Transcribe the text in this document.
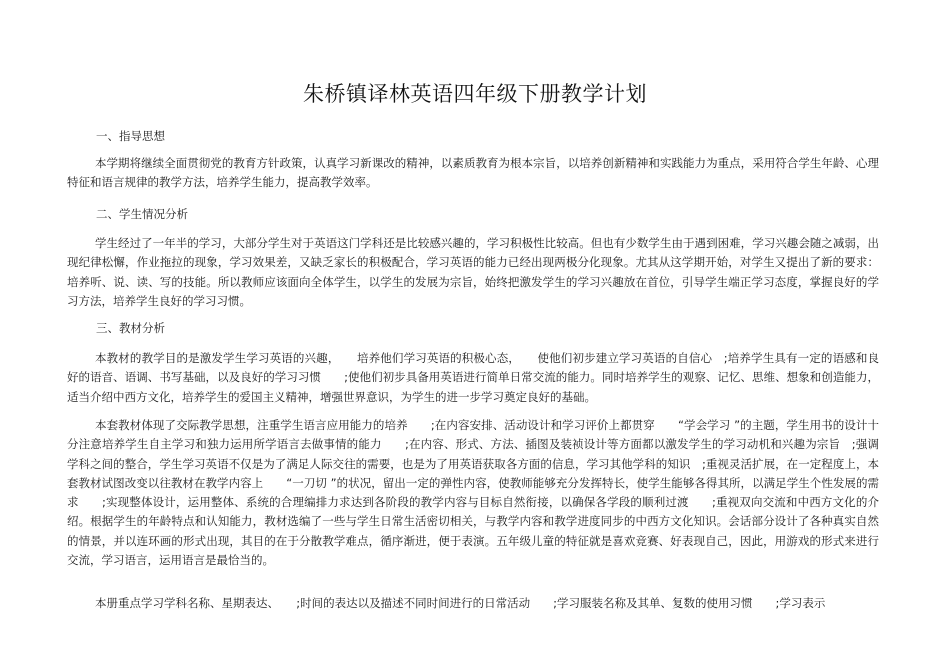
朱桥镇译林英语四年级下册教学计划
一、指导思想
本学期将继续全面贯彻党的教育方针政策，认真学习新课改的精神，以素质教育为根本宗旨，以培养创新精神和实践能力为重点，采用符合学生年龄、心理特征和语言规律的教学方法，培养学生能力，提高教学效率。
二、学生情况分析
学生经过了一年半的学习，大部分学生对于英语这门学科还是比较感兴趣的，学习积极性比较高。但也有少数学生由于遇到困难，学习兴趣会随之减弱，出现纪律松懈，作业拖拉的现象，学习效果差，又缺乏家长的积极配合，学习英语的能力已经出现两极分化现象。尤其从这学期开始，对学生又提出了新的要求：培养听、说、读、写的技能。所以教师应该面向全体学生，以学生的发展为宗旨，始终把激发学生的学习兴趣放在首位，引导学生端正学习态度，掌握良好的学习方法，培养学生良好的学习习惯。
三、教材分析
本教材的教学目的是激发学生学习英语的兴趣，　　培养他们学习英语的积极心态，　　使他们初步建立学习英语的自信心　;培养学生具有一定的语感和良好的语音、语调、书写基础，以及良好的学习习惯　　;使他们初步具备用英语进行简单日常交流的能力。同时培养学生的观察、记忆、思维、想象和创造能力，适当介绍中西方文化，培养学生的爱国主义精神，增强世界意识，为学生的进一步学习奠定良好的基础。
本套教材体现了交际教学思想，注重学生语言应用能力的培养　　;在内容安排、活动设计和学习评价上都贯穿　　“学会学习 ”的主题，学生用书的设计十分注意培养学生自主学习和独力运用所学语言去做事情的能力　　;在内容、形式、方法、插图及装祯设计等方面都以激发学生的学习动机和兴趣为宗旨　;强调学科之间的整合，学生学习英语不仅是为了满足人际交往的需要，也是为了用英语获取各方面的信息，学习其他学科的知识　;重视灵活扩展，在一定程度上，本套教材试图改变以往教材在教学内容上　　“一刀切 ”的状况，留出一定的弹性内容，使教师能够充分发挥特长，使学生能够各得其所，以满足学生个性发展的需求　　;实现整体设计，运用整体、系统的合理编排力求达到各阶段的教学内容与目标自然衔接，以确保各学段的顺利过渡　　;重视双向交流和中西方文化的介绍。根据学生的年龄特点和认知能力，教材选编了一些与学生日常生活密切相关，与教学内容和教学进度同步的中西方文化知识。会话部分设计了各种真实自然的情景，并以连环画的形式出现，其目的在于分散教学难点，循序渐进，便于表演。五年级儿童的特征就是喜欢竞赛、好表现自己，因此，用游戏的形式来进行交流，学习语言，运用语言是最恰当的。
本册重点学习学科名称、星期表达、　　;时间的表达以及描述不同时间进行的日常活动　　;学习服装名称及其单、复数的使用习惯　　;学习表示
